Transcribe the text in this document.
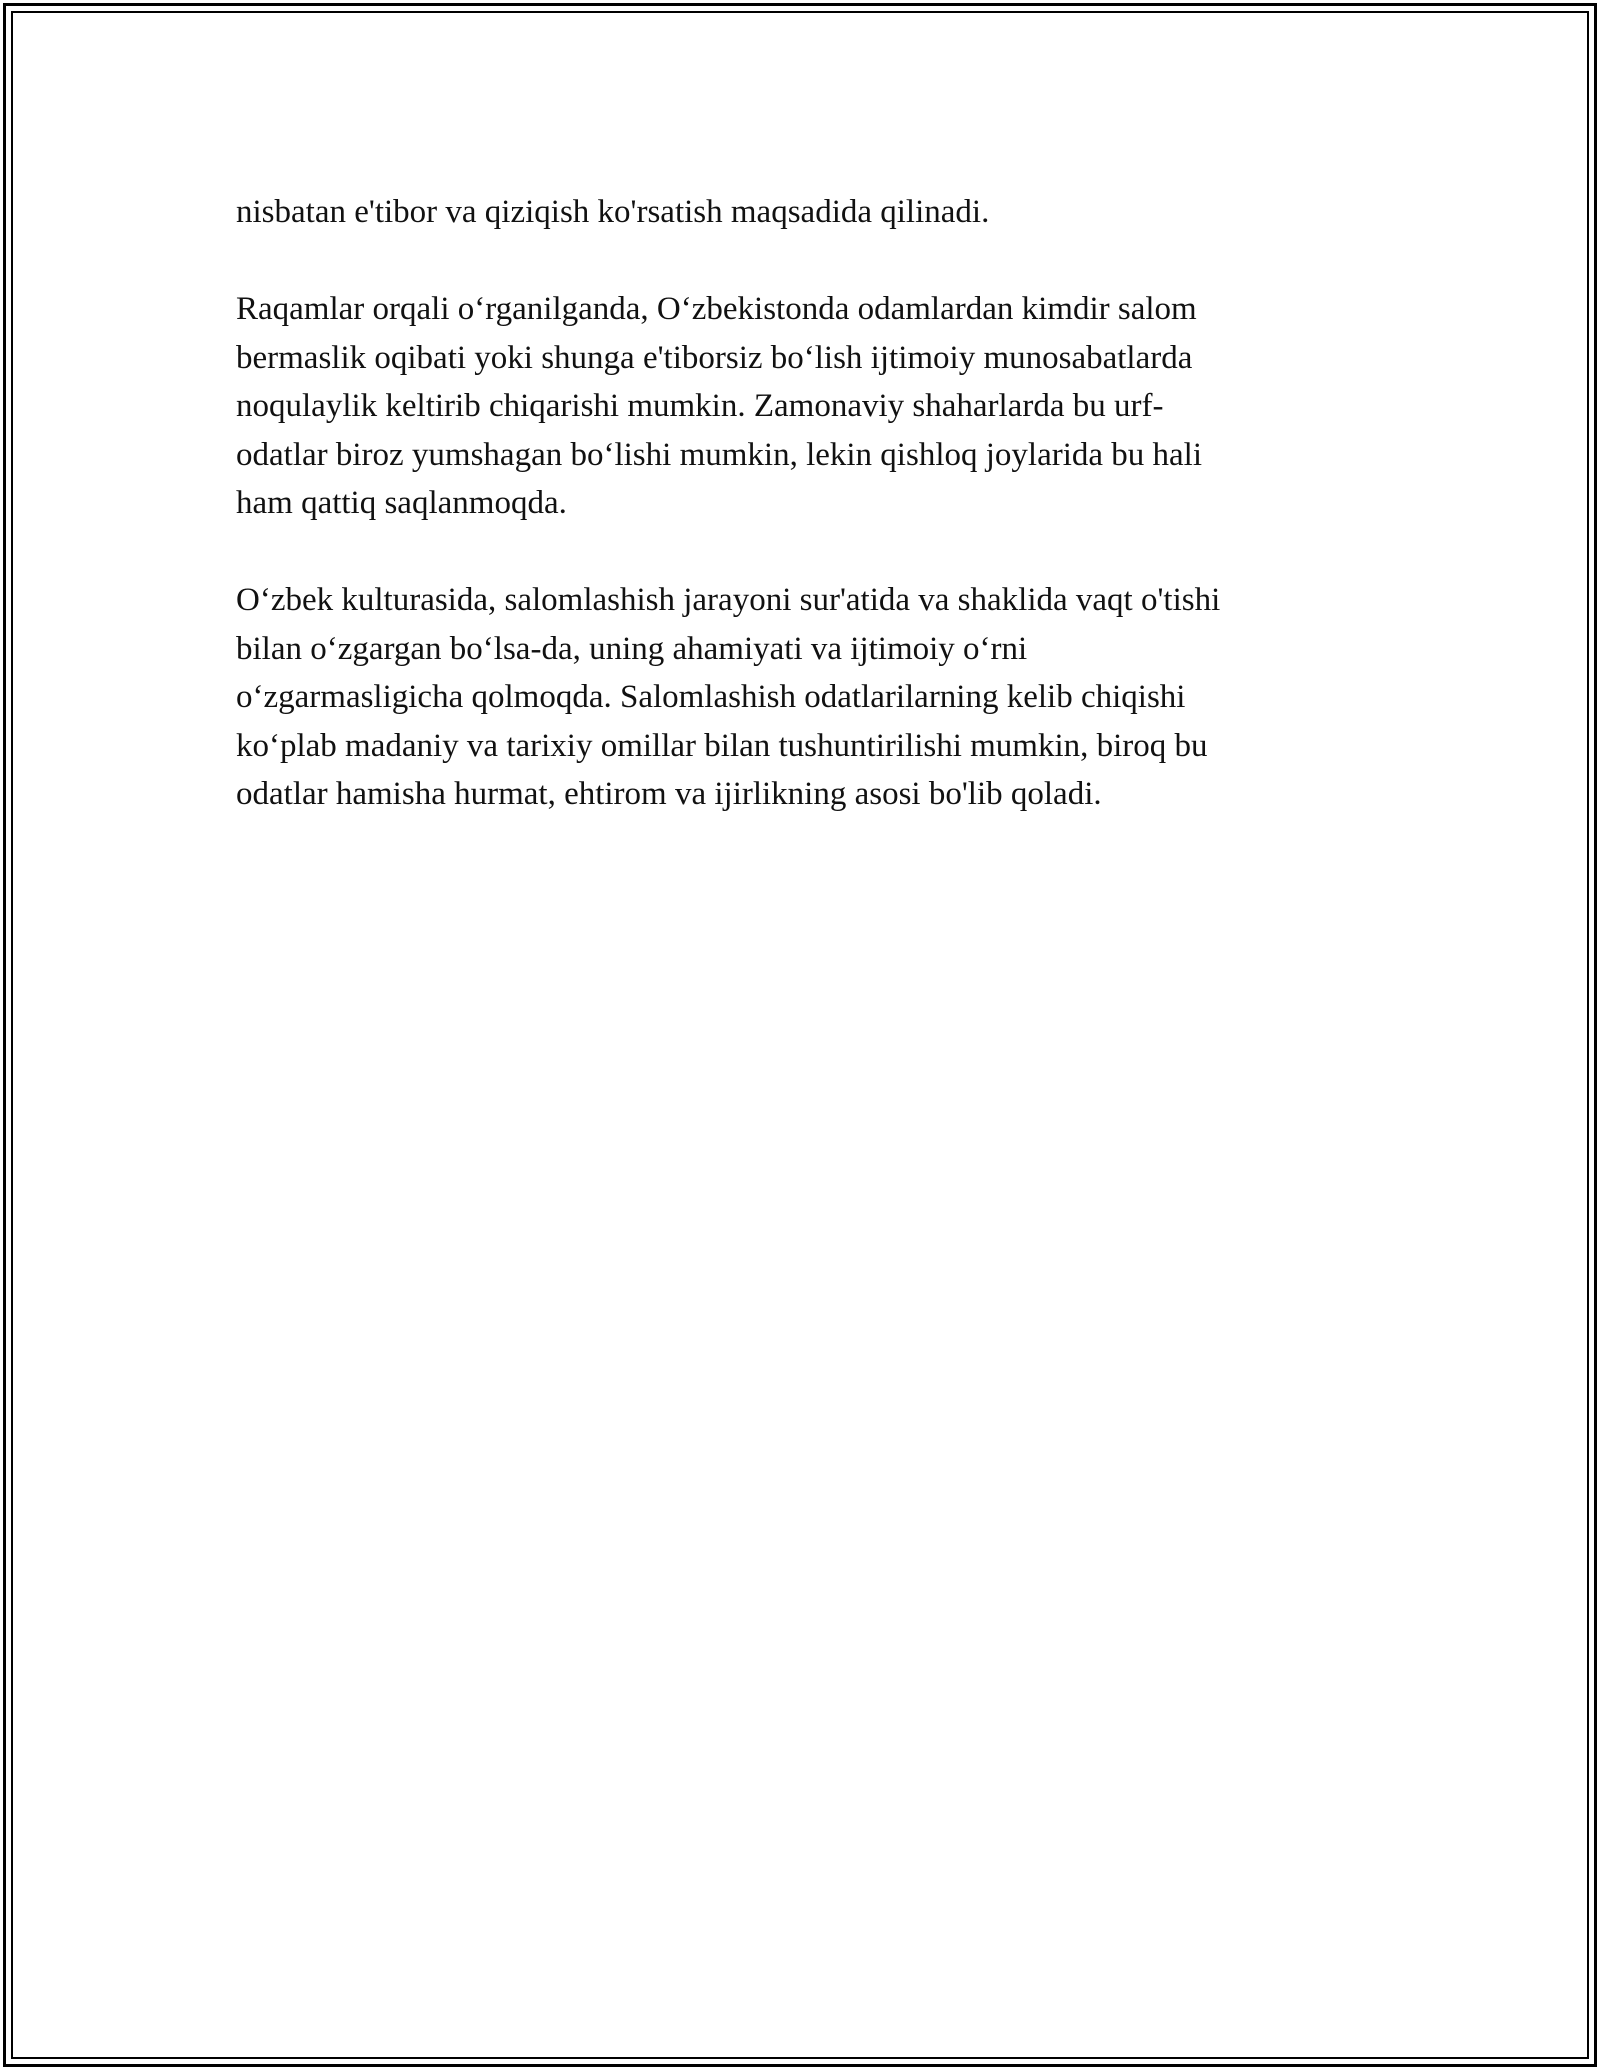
nisbatan e'tibor va qiziqish ko'rsatish maqsadida qilinadi.

Raqamlar orqali o‘rganilganda, O‘zbekistonda odamlardan kimdir salom
bermaslik oqibati yoki shunga e'tiborsiz bo‘lish ijtimoiy munosabatlarda
noqulaylik keltirib chiqarishi mumkin. Zamonaviy shaharlarda bu urf-
odatlar biroz yumshagan bo‘lishi mumkin, lekin qishloq joylarida bu hali
ham qattiq saqlanmoqda.

O‘zbek kulturasida, salomlashish jarayoni sur'atida va shaklida vaqt o'tishi
bilan o‘zgargan bo‘lsa-da, uning ahamiyati va ijtimoiy o‘rni
o‘zgarmasligicha qolmoqda. Salomlashish odatlarilarning kelib chiqishi
ko‘plab madaniy va tarixiy omillar bilan tushuntirilishi mumkin, biroq bu
odatlar hamisha hurmat, ehtirom va ijirlikning asosi bo'lib qoladi.
